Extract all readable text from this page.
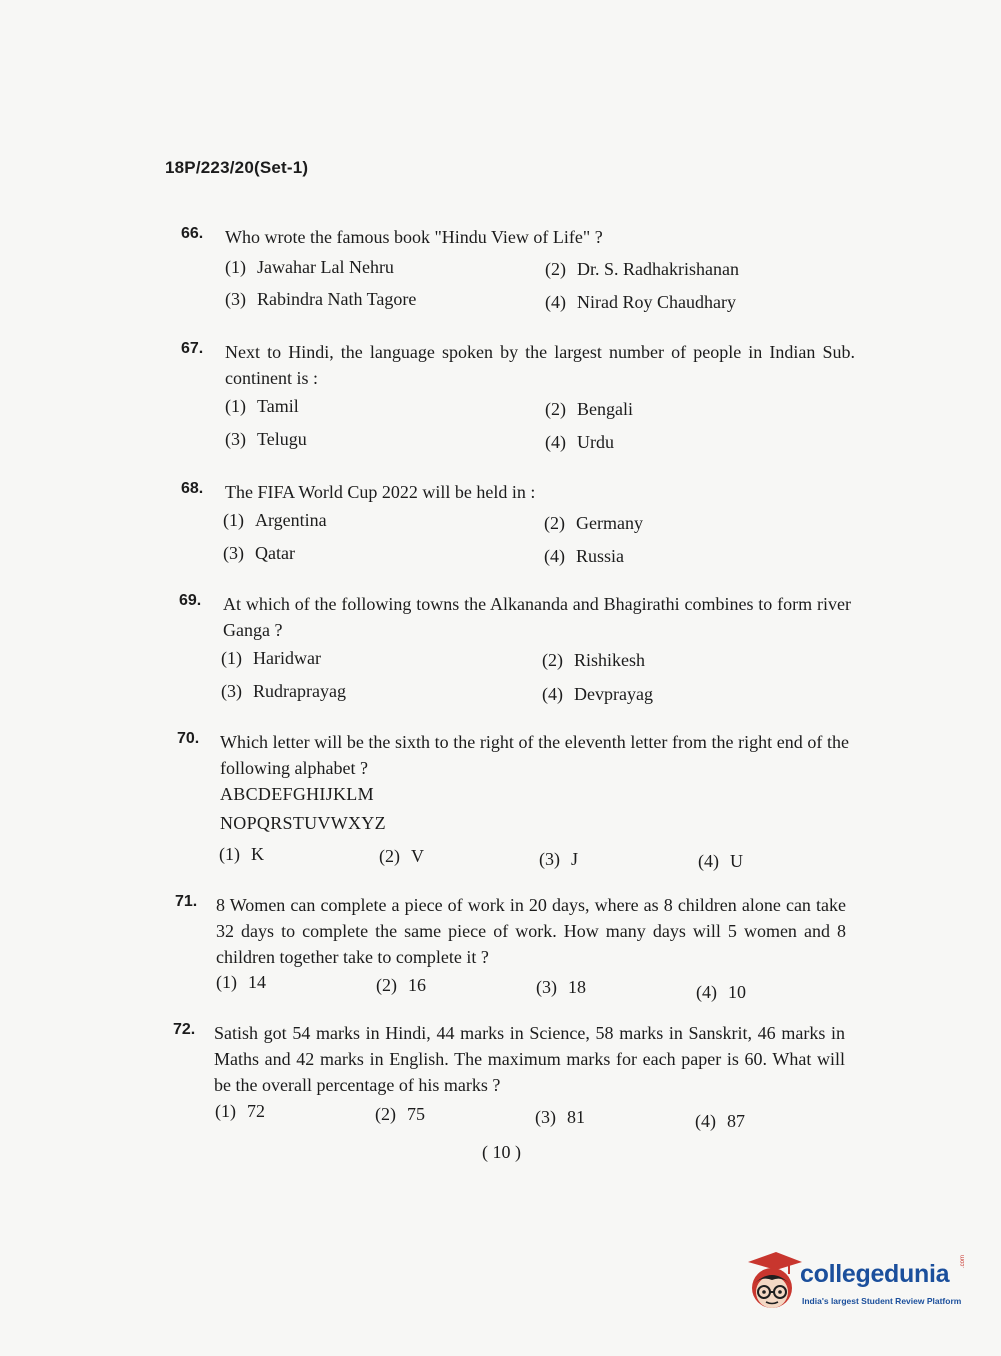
18P/223/20(Set-1)
66. Who wrote the famous book "Hindu View of Life" ?
(1) Jawahar Lal Nehru	(2) Dr. S. Radhakrishanan
(3) Rabindra Nath Tagore	(4) Nirad Roy Chaudhary
67. Next to Hindi, the language spoken by the largest number of people in Indian Sub. continent is :
(1) Tamil	(2) Bengali
(3) Telugu	(4) Urdu
68. The FIFA World Cup 2022 will be held in :
(1) Argentina	(2) Germany
(3) Qatar	(4) Russia
69. At which of the following towns the Alkananda and Bhagirathi combines to form river Ganga ?
(1) Haridwar	(2) Rishikesh
(3) Rudraprayag	(4) Devprayag
70. Which letter will be the sixth to the right of the eleventh letter from the right end of the following alphabet ?
ABCDEFGHIJKLM
NOPQRSTUVWXYZ
(1) K	(2) V	(3) J	(4) U
71. 8 Women can complete a piece of work in 20 days, where as 8 children alone can take 32 days to complete the same piece of work. How many days will 5 women and 8 children together take to complete it ?
(1) 14	(2) 16	(3) 18	(4) 10
72. Satish got 54 marks in Hindi, 44 marks in Science, 58 marks in Sanskrit, 46 marks in Maths and 42 marks in English. The maximum marks for each paper is 60. What will be the overall percentage of his marks ?
(1) 72	(2) 75	(3) 81	(4) 87
( 10 )
collegedunia .com
India's largest Student Review Platform
